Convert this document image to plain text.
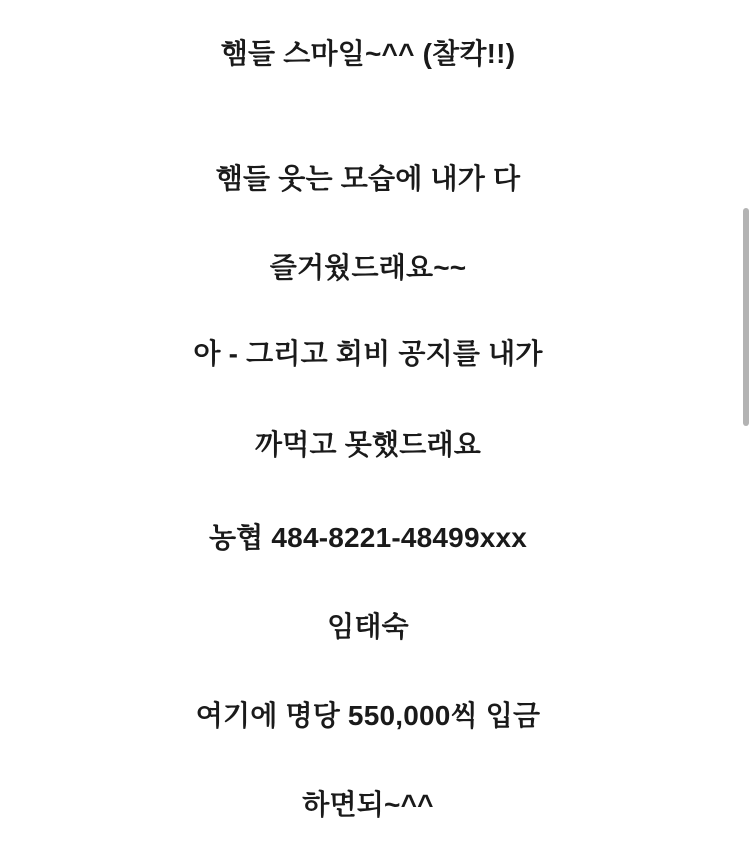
햄들 스마일~^^ (찰칵!!)
햄들 웃는 모습에 내가 다
즐거웠드래요~~
아 - 그리고 회비 공지를 내가
까먹고 못했드래요
농협 484-8221-48499xxx
임태숙
여기에 명당 550,000씩 입금
하면되~^^
